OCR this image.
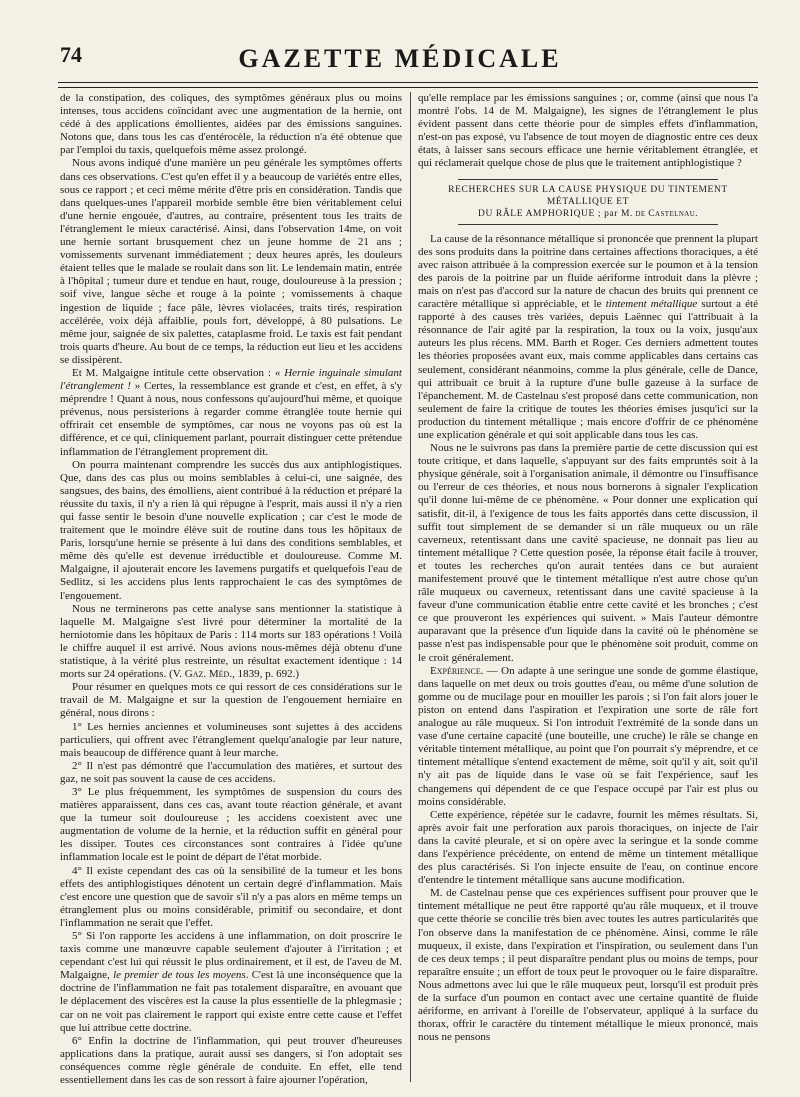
74	GAZETTE MÉDICALE

de la constipation, des coliques, des symptômes généraux plus ou moins intenses, tous accidens coïncidant avec une augmentation de la hernie, ont cédé à des applications émollientes, aidées par des émissions sanguines. Notons que, dans tous les cas d'entérocèle, la réduction n'a été obtenue que par l'emploi du taxis, quelquefois même assez prolongé.

Nous avons indiqué d'une manière un peu générale les symptômes offerts dans ces observations. C'est qu'en effet il y a beaucoup de variétés entre elles, sous ce rapport ; et ceci même mérite d'être pris en considération. Tandis que dans quelques-unes l'appareil morbide semble être bien véritablement celui d'une hernie engouée, d'autres, au contraire, présentent tous les traits de l'étranglement le mieux caractérisé. Ainsi, dans l'observation 14me, on voit une hernie sortant brusquement chez un jeune homme de 21 ans ; vomissements survenant immédiatement ; deux heures après, les douleurs étaient telles que le malade se roulait dans son lit. Le lendemain matin, entrée à l'hôpital ; tumeur dure et tendue en haut, rouge, douloureuse à la pression ; soif vive, langue sèche et rouge à la pointe ; vomissements à chaque ingestion de liquide ; face pâle, lèvres violacées, traits tirés, respiration accélérée, voix déjà affaiblie, pouls fort, développé, à 80 pulsations. Le même jour, saignée de six palettes, cataplasme froid. Le taxis est fait pendant trois quarts d'heure. Au bout de ce temps, la réduction eut lieu et les accidens se dissipèrent.

Et M. Malgaigne intitule cette observation : « Hernie inguinale simulant l'étranglement ! » Certes, la ressemblance est grande et c'est, en effet, à s'y méprendre ! Quant à nous, nous confessons qu'aujourd'hui même, et quoique prévenus, nous persisterions à regarder comme étranglée toute hernie qui offrirait cet ensemble de symptômes, car nous ne voyons pas où est la différence, et ce qui, cliniquement parlant, pourrait distinguer cette prétendue inflammation de l'étranglement proprement dit.

On pourra maintenant comprendre les succès dus aux antiphlogistiques. Que, dans des cas plus ou moins semblables à celui-ci, une saignée, des sangsues, des bains, des émolliens, aient contribué à la réduction et préparé la réussite du taxis, il n'y a rien là qui répugne à l'esprit, mais aussi il n'y a rien qui fasse sentir le besoin d'une nouvelle explication ; car c'est le mode de traitement que le moindre élève suit de routine dans tous les hôpitaux de Paris, lorsqu'une hernie se présente à lui dans des conditions semblables, et même dès qu'elle est devenue irréductible et douloureuse. Comme M. Malgaigne, il ajouterait encore les lavemens purgatifs et quelquefois l'eau de Sedlitz, si les accidens plus lents rapprochaient le cas des symptômes de l'engouement.

Nous ne terminerons pas cette analyse sans mentionner la statistique à laquelle M. Malgaigne s'est livré pour déterminer la mortalité de la herniotomie dans les hôpitaux de Paris : 114 morts sur 183 opérations ! Voilà le chiffre auquel il est arrivé. Nous avions nous-mêmes déjà obtenu d'une statistique, à la vérité plus restreinte, un résultat exactement identique : 14 morts sur 24 opérations. (V. Gaz. Méd., 1839, p. 692.)

Pour résumer en quelques mots ce qui ressort de ces considérations sur le travail de M. Malgaigne et sur la question de l'engouement herniaire en général, nous dirons :

1° Les hernies anciennes et volumineuses sont sujettes à des accidens particuliers, qui offrent avec l'étranglement quelqu'analogie par leur nature, mais beaucoup de différence quant à leur marche.

2° Il n'est pas démontré que l'accumulation des matières, et surtout des gaz, ne soit pas souvent la cause de ces accidens.

3° Le plus fréquemment, les symptômes de suspension du cours des matières apparaissent, dans ces cas, avant toute réaction générale, et avant que la tumeur soit douloureuse ; les accidens coexistent avec une augmentation de volume de la hernie, et la réduction suffit en général pour les dissiper. Toutes ces circonstances sont contraires à l'idée qu'une inflammation locale est le point de départ de l'état morbide.

4° Il existe cependant des cas où la sensibilité de la tumeur et les bons effets des antiphlogistiques dénotent un certain degré d'inflammation. Mais c'est encore une question que de savoir s'il n'y a pas alors en même temps un étranglement plus ou moins considérable, primitif ou secondaire, et dont l'inflammation ne serait que l'effet.

5° Si l'on rapporte les accidens à une inflammation, on doit proscrire le taxis comme une manœuvre capable seulement d'ajouter à l'irritation ; et cependant c'est lui qui réussit le plus ordinairement, et il est, de l'aveu de M. Malgaigne, le premier de tous les moyens. C'est là une inconséquence que la doctrine de l'inflammation ne fait pas totalement disparaître, en avouant que le déplacement des viscères est la cause la plus essentielle de la phlegmasie ; car on ne voit pas clairement le rapport qui existe entre cette cause et l'effet que lui attribue cette doctrine.

6° Enfin la doctrine de l'inflammation, qui peut trouver d'heureuses applications dans la pratique, aurait aussi ses dangers, si l'on adoptait ses conséquences comme règle générale de conduite. En effet, elle tend essentiellement dans les cas de son ressort à faire ajourner l'opération,

qu'elle remplace par les émissions sanguines ; or, comme (ainsi que nous l'a montré l'obs. 14 de M. Malgaigne), les signes de l'étranglement le plus évident passent dans cette théorie pour de simples effets d'inflammation, n'est-on pas exposé, vu l'absence de tout moyen de diagnostic entre ces deux états, à laisser sans secours efficace une hernie véritablement étranglée, et qui réclamerait quelque chose de plus que le traitement antiphlogistique ?

RECHERCHES SUR LA CAUSE PHYSIQUE DU TINTEMENT MÉTALLIQUE ET
DU RÂLE AMPHORIQUE ; par M. de Castelnau.

La cause de la résonnance métallique si prononcée que prennent la plupart des sons produits dans la poitrine dans certaines affections thoraciques, a été avec raison attribuée à la compression exercée sur le poumon et à la tension des parois de la poitrine par un fluide aériforme introduit dans la plèvre ; mais on n'est pas d'accord sur la nature de chacun des bruits qui prennent ce caractère métallique si appréciable, et le tintement métallique surtout a été rapporté à des causes très variées, depuis Laënnec qui l'attribuait à la résonnance de l'air agité par la respiration, la toux ou la voix, jusqu'aux auteurs les plus récens. MM. Barth et Roger. Ces derniers admettent toutes les théories proposées avant eux, mais comme applicables dans certains cas seulement, considérant néanmoins, comme la plus générale, celle de Dance, qui attribuait ce bruit à la rupture d'une bulle gazeuse à la surface de l'épanchement. M. de Castelnau s'est proposé dans cette communication, non seulement de faire la critique de toutes les théories émises jusqu'ici sur la production du tintement métallique ; mais encore d'offrir de ce phénomène une explication générale et qui soit applicable dans tous les cas.

Nous ne le suivrons pas dans la première partie de cette discussion qui est toute critique, et dans laquelle, s'appuyant sur des faits empruntés soit à la physique générale, soit à l'organisation animale, il démontre ou l'insuffisance ou l'erreur de ces théories, et nous nous bornerons à signaler l'explication qu'il donne lui-même de ce phénomène. « Pour donner une explication qui satisfit, dit-il, à l'exigence de tous les faits apportés dans cette discussion, il suffit tout simplement de se demander si un râle muqueux ou un râle caverneux, retentissant dans une cavité spacieuse, ne donnait pas lieu au tintement métallique ? Cette question posée, la réponse était facile à trouver, et toutes les recherches qu'on aurait tentées dans ce but auraient manifestement prouvé que le tintement métallique n'est autre chose qu'un râle muqueux ou caverneux, retentissant dans une cavité spacieuse à la faveur d'une communication établie entre cette cavité et les bronches ; c'est ce que prouveront les expériences qui suivent. » Mais l'auteur démontre auparavant que la présence d'un liquide dans la cavité où le phénomène se passe n'est pas indispensable pour que le phénomène soit produit, comme on le croit généralement.

Expérience. — On adapte à une seringue une sonde de gomme élastique, dans laquelle on met deux ou trois gouttes d'eau, ou même d'une solution de gomme ou de mucilage pour en mouiller les parois ; si l'on fait alors jouer le piston on entend dans l'aspiration et l'expiration une sorte de râle fort analogue au râle muqueux. Si l'on introduit l'extrémité de la sonde dans un vase d'une certaine capacité (une bouteille, une cruche) le râle se change en véritable tintement métallique, au point que l'on pourrait s'y méprendre, et ce tintement métallique s'entend exactement de même, soit qu'il y ait, soit qu'il n'y ait pas de liquide dans le vase où se fait l'expérience, sauf les changemens qui dépendent de ce que l'espace occupé par l'air est plus ou moins considérable.

Cette expérience, répétée sur le cadavre, fournit les mêmes résultats. Si, après avoir fait une perforation aux parois thoraciques, on injecte de l'air dans la cavité pleurale, et si on opère avec la seringue et la sonde comme dans l'expérience précédente, on entend de même un tintement métallique des plus caractérisés. Si l'on injecte ensuite de l'eau, on continue encore d'entendre le tintement métallique sans aucune modification.

M. de Castelnau pense que ces expériences suffisent pour prouver que le tintement métallique ne peut être rapporté qu'au râle muqueux, et il trouve que cette théorie se concilie très bien avec toutes les autres particularités que l'on observe dans la manifestation de ce phénomène. Ainsi, comme le râle muqueux, il existe, dans l'expiration et l'inspiration, ou seulement dans l'un de ces deux temps ; il peut disparaître pendant plus ou moins de temps, pour reparaître ensuite ; un effort de toux peut le provoquer ou le faire disparaître. Nous admettons avec lui que le râle muqueux peut, lorsqu'il est produit près de la surface d'un poumon en contact avec une certaine quantité de fluide aériforme, en arrivant à l'oreille de l'observateur, appliqué à la surface du thorax, offrir le caractère du tintement métallique le mieux prononcé, mais nous ne pensons
